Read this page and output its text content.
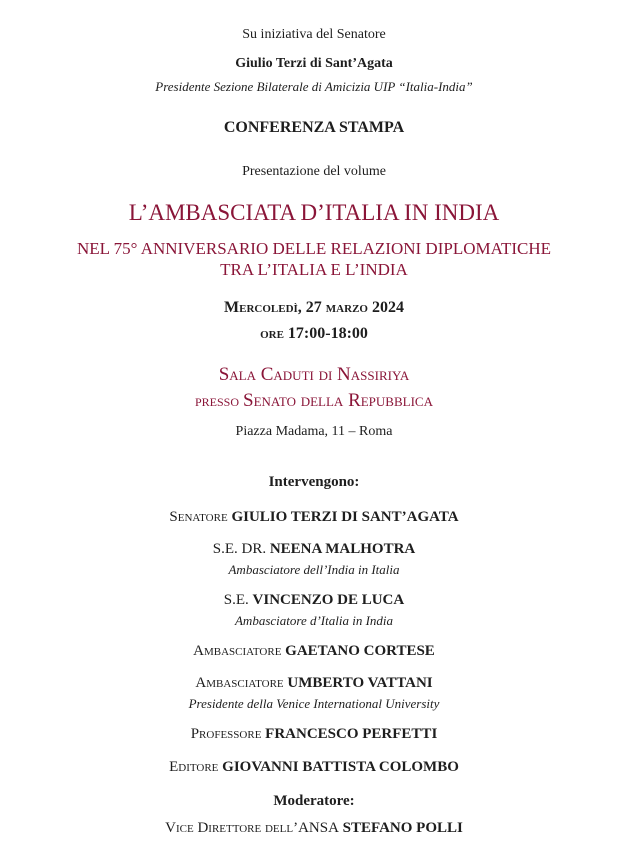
Su iniziativa del Senatore
Giulio Terzi di Sant’Agata
Presidente Sezione Bilaterale di Amicizia UIP “Italia-India”
CONFERENZA STAMPA
Presentazione del volume
L’AMBASCIATA D’ITALIA IN INDIA
NEL 75° ANNIVERSARIO DELLE RELAZIONI DIPLOMATICHE
TRA L’ITALIA E L’INDIA
Mercoledì, 27 marzo 2024
ore 17:00-18:00
Sala Caduti di Nassiriya
presso Senato della Repubblica
Piazza Madama, 11 – Roma
Intervengono:
Senatore GIULIO TERZI DI SANT’AGATA
S.E. DR. NEENA MALHOTRA
Ambasciatore dell’India in Italia
S.E. VINCENZO DE LUCA
Ambasciatore d’Italia in India
Ambasciatore GAETANO CORTESE
Ambasciatore UMBERTO VATTANI
Presidente della Venice International University
Professore FRANCESCO PERFETTI
Editore GIOVANNI BATTISTA COLOMBO
Moderatore:
Vice Direttore dell’ANSA STEFANO POLLI
